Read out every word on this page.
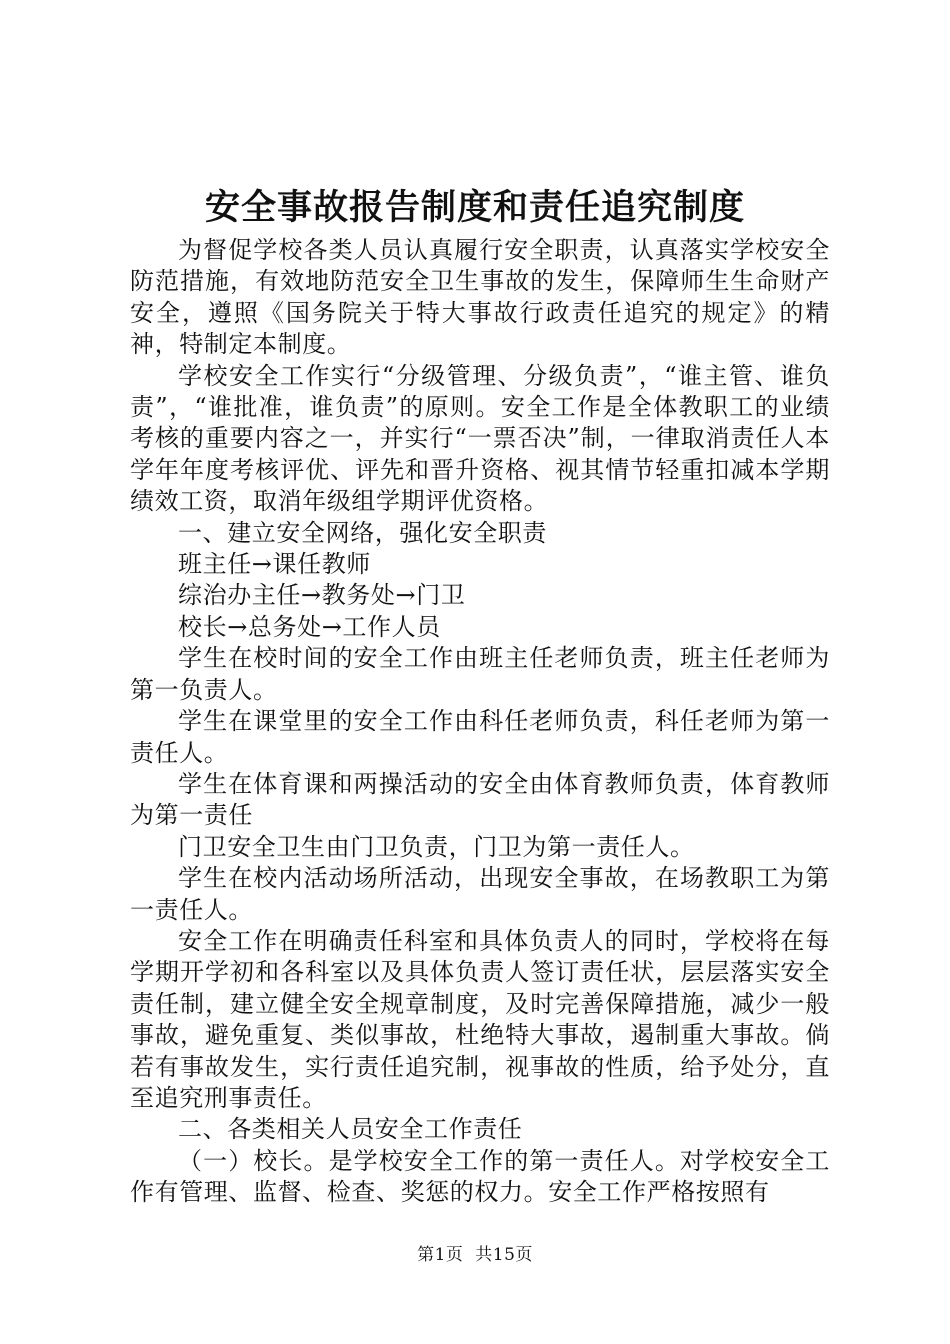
安全事故报告制度和责任追究制度

为督促学校各类人员认真履行安全职责，认真落实学校安全防范措施，有效地防范安全卫生事故的发生，保障师生生命财产安全，遵照《国务院关于特大事故行政责任追究的规定》的精神，特制定本制度。

学校安全工作实行“分级管理、分级负责”，“谁主管、谁负责”，“谁批准，谁负责”的原则。安全工作是全体教职工的业绩考核的重要内容之一，并实行“一票否决”制，一律取消责任人本学年年度考核评优、评先和晋升资格、视其情节轻重扣减本学期绩效工资，取消年级组学期评优资格。

一、建立安全网络，强化安全职责

班主任→课任教师

综治办主任→教务处→门卫

校长→总务处→工作人员

学生在校时间的安全工作由班主任老师负责，班主任老师为第一负责人。

学生在课堂里的安全工作由科任老师负责，科任老师为第一责任人。

学生在体育课和两操活动的安全由体育教师负责，体育教师为第一责任

门卫安全卫生由门卫负责，门卫为第一责任人。

学生在校内活动场所活动，出现安全事故，在场教职工为第一责任人。

安全工作在明确责任科室和具体负责人的同时，学校将在每学期开学初和各科室以及具体负责人签订责任状，层层落实安全责任制，建立健全安全规章制度，及时完善保障措施，减少一般事故，避免重复、类似事故，杜绝特大事故，遏制重大事故。倘若有事故发生，实行责任追究制，视事故的性质，给予处分，直至追究刑事责任。

二、各类相关人员安全工作责任

（一）校长。是学校安全工作的第一责任人。对学校安全工作有管理、监督、检查、奖惩的权力。安全工作严格按照有

第1页 共15页
